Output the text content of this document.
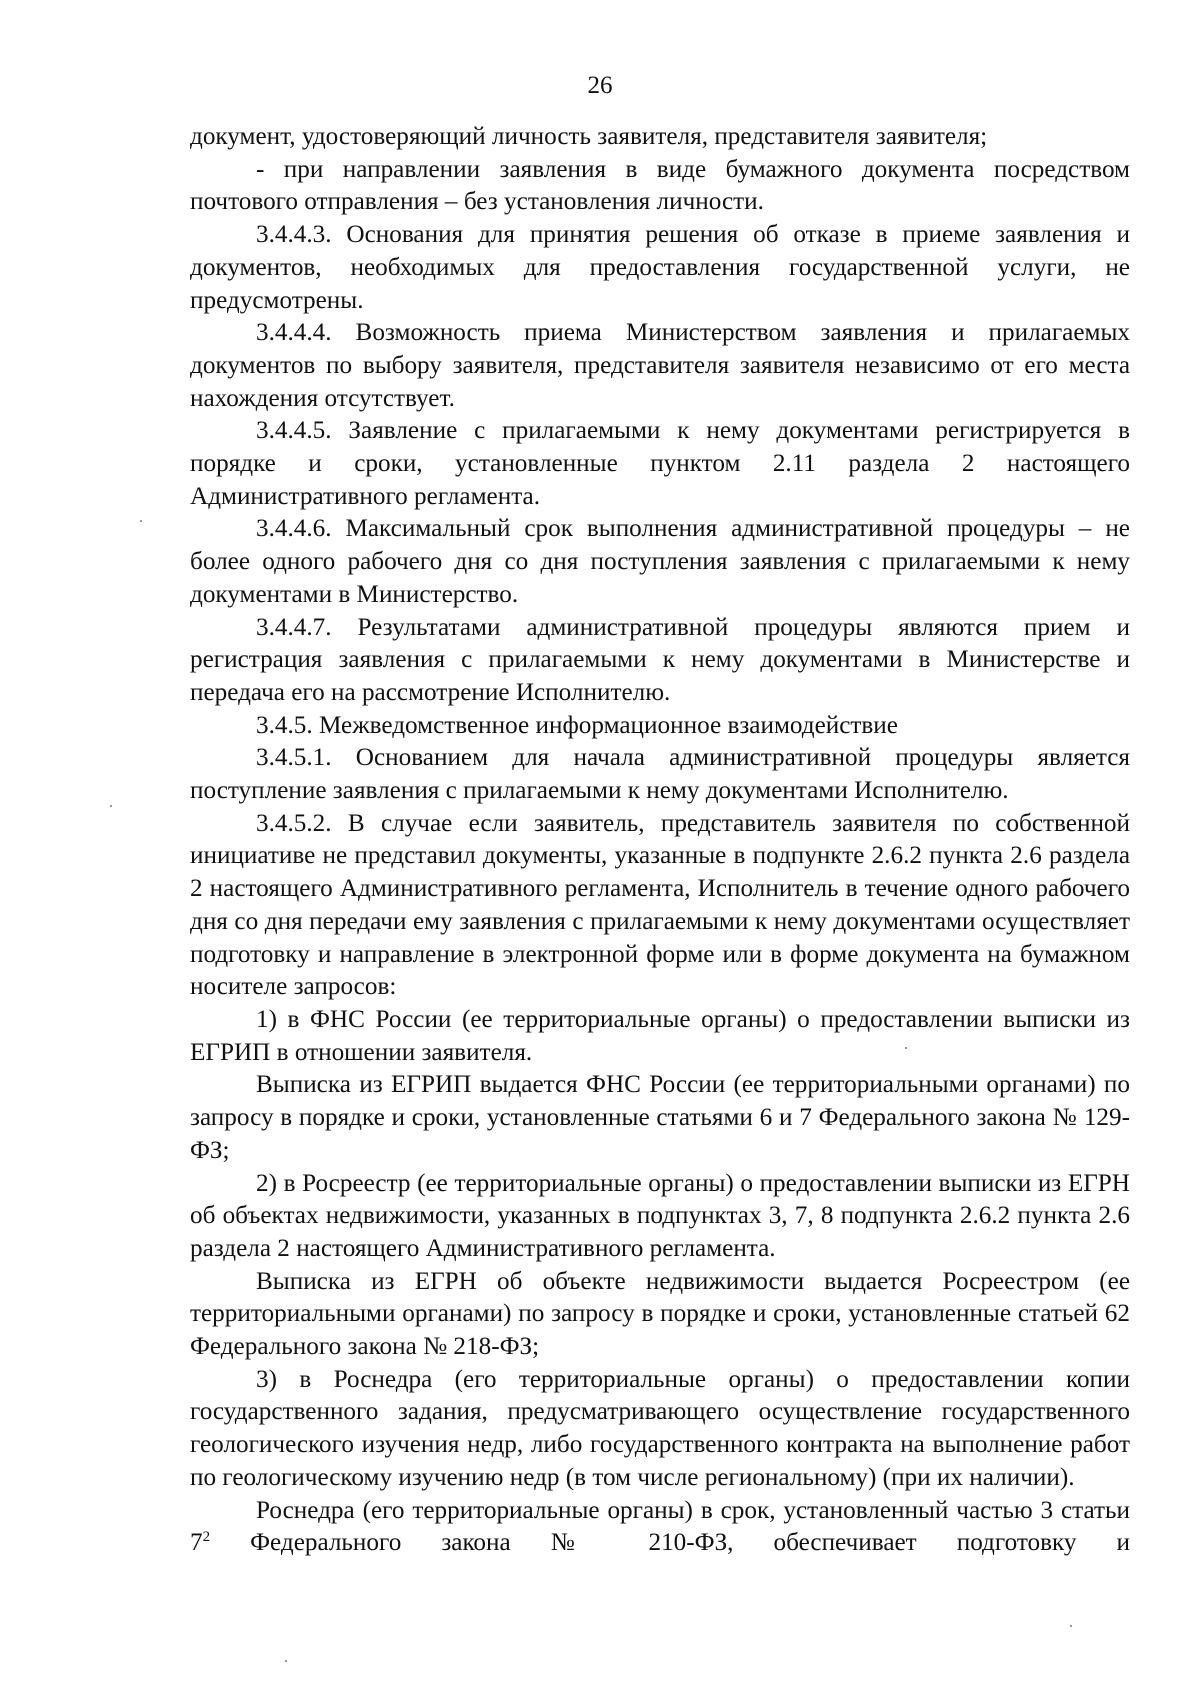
26

документ, удостоверяющий личность заявителя, представителя заявителя;

- при направлении заявления в виде бумажного документа посредством почтового отправления – без установления личности.

3.4.4.3. Основания для принятия решения об отказе в приеме заявления и документов, необходимых для предоставления государственной услуги, не предусмотрены.

3.4.4.4. Возможность приема Министерством заявления и прилагаемых документов по выбору заявителя, представителя заявителя независимо от его места нахождения отсутствует.

3.4.4.5. Заявление с прилагаемыми к нему документами регистрируется в порядке и сроки, установленные пунктом 2.11 раздела 2 настоящего Административного регламента.

3.4.4.6. Максимальный срок выполнения административной процедуры – не более одного рабочего дня со дня поступления заявления с прилагаемыми к нему документами в Министерство.

3.4.4.7. Результатами административной процедуры являются прием и регистрация заявления с прилагаемыми к нему документами в Министерстве и передача его на рассмотрение Исполнителю.

3.4.5. Межведомственное информационное взаимодействие

3.4.5.1. Основанием для начала административной процедуры является поступление заявления с прилагаемыми к нему документами Исполнителю.

3.4.5.2. В случае если заявитель, представитель заявителя по собственной инициативе не представил документы, указанные в подпункте 2.6.2 пункта 2.6 раздела 2 настоящего Административного регламента, Исполнитель в течение одного рабочего дня со дня передачи ему заявления с прилагаемыми к нему документами осуществляет подготовку и направление в электронной форме или в форме документа на бумажном носителе запросов:

1) в ФНС России (ее территориальные органы) о предоставлении выписки из ЕГРИП в отношении заявителя.

Выписка из ЕГРИП выдается ФНС России (ее территориальными органами) по запросу в порядке и сроки, установленные статьями 6 и 7 Федерального закона № 129-ФЗ;

2) в Росреестр (ее территориальные органы) о предоставлении выписки из ЕГРН об объектах недвижимости, указанных в подпунктах 3, 7, 8 подпункта 2.6.2 пункта 2.6 раздела 2 настоящего Административного регламента.

Выписка из ЕГРН об объекте недвижимости выдается Росреестром (ее территориальными органами) по запросу в порядке и сроки, установленные статьей 62 Федерального закона № 218-ФЗ;

3) в Роснедра (его территориальные органы) о предоставлении копии государственного задания, предусматривающего осуществление государственного геологического изучения недр, либо государственного контракта на выполнение работ по геологическому изучению недр (в том числе региональному) (при их наличии).

Роснедра (его территориальные органы) в срок, установленный частью 3 статьи $7^2$ Федерального закона № 210-ФЗ, обеспечивает подготовку и
